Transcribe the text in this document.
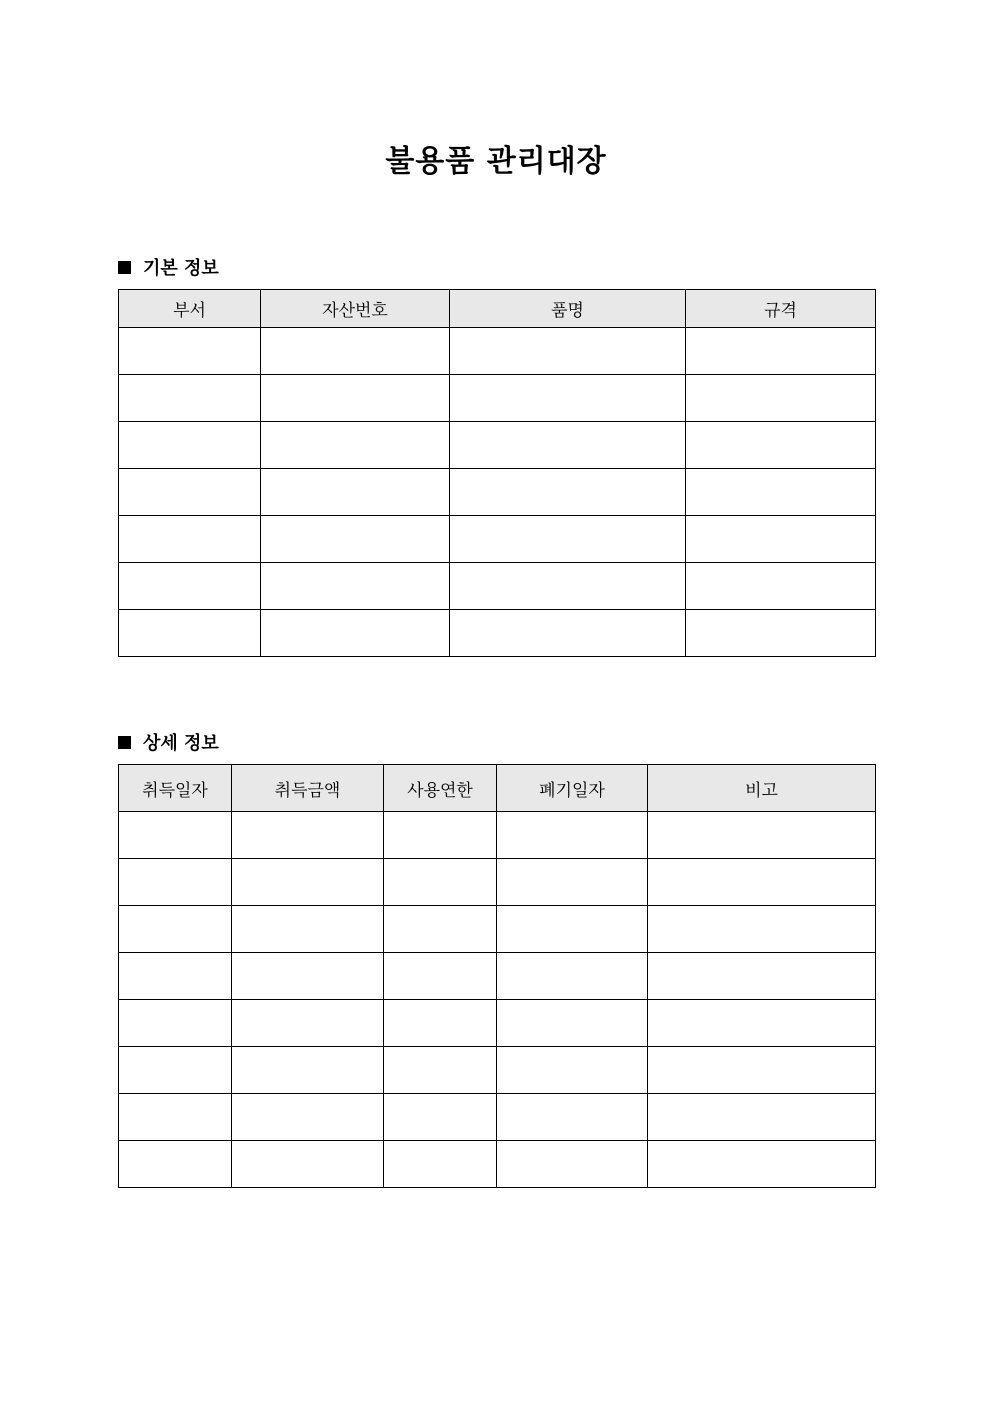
불용품 관리대장
기본 정보
부서	자산번호	품명	규격

상세 정보
취득일자	취득금액	사용연한	폐기일자	비고
